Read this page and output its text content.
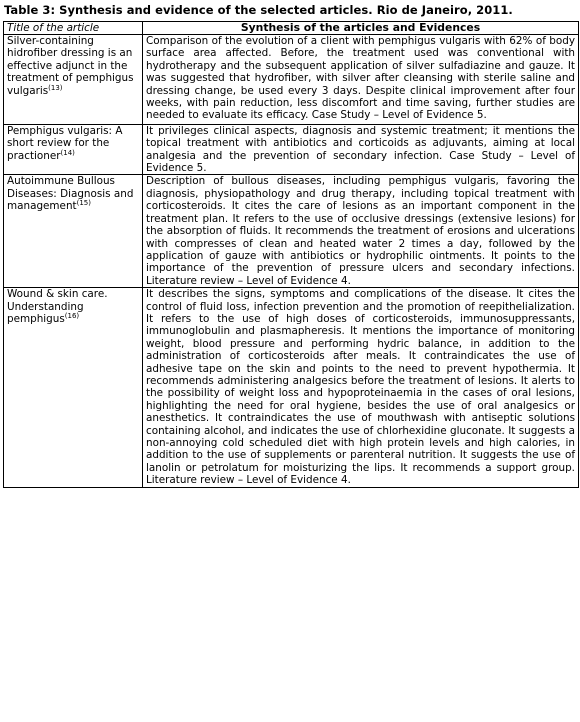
Table 3: Synthesis and evidence of the selected articles. Rio de Janeiro, 2011.
Title of the article	Synthesis of the articles and Evidences
Silver-containing hidrofiber dressing is an effective adjunct in the treatment of pemphigus vulgaris$^{(13)}$	Comparison of the evolution of a client with pemphigus vulgaris with 62% of body surface area affected. Before, the treatment used was conventional with hydrotherapy and the subsequent application of silver sulfadiazine and gauze. It was suggested that hydrofiber, with silver after cleansing with sterile saline and dressing change, be used every 3 days. Despite clinical improvement after four weeks, with pain reduction, less discomfort and time saving, further studies are needed to evaluate its efficacy. Case Study – Level of Evidence 5.
Pemphigus vulgaris: A short review for the practioner$^{(14)}$	It privileges clinical aspects, diagnosis and systemic treatment; it mentions the topical treatment with antibiotics and corticoids as adjuvants, aiming at local analgesia and the prevention of secondary infection. Case Study – Level of Evidence 5.
Autoimmune Bullous Diseases: Diagnosis and management$^{(15)}$	Description of bullous diseases, including pemphigus vulgaris, favoring the diagnosis, physiopathology and drug therapy, including topical treatment with corticosteroids. It cites the care of lesions as an important component in the treatment plan. It refers to the use of occlusive dressings (extensive lesions) for the absorption of fluids. It recommends the treatment of erosions and ulcerations with compresses of clean and heated water 2 times a day, followed by the application of gauze with antibiotics or hydrophilic ointments. It points to the importance of the prevention of pressure ulcers and secondary infections. Literature review – Level of Evidence 4.
Wound & skin care. Understanding pemphigus$^{(16)}$	It describes the signs, symptoms and complications of the disease. It cites the control of fluid loss, infection prevention and the promotion of reepithelialization. It refers to the use of high doses of corticosteroids, immunosuppressants, immunoglobulin and plasmapheresis. It mentions the importance of monitoring weight, blood pressure and performing hydric balance, in addition to the administration of corticosteroids after meals. It contraindicates the use of adhesive tape on the skin and points to the need to prevent hypothermia. It recommends administering analgesics before the treatment of lesions. It alerts to the possibility of weight loss and hypoproteinaemia in the cases of oral lesions, highlighting the need for oral hygiene, besides the use of oral analgesics or anesthetics. It contraindicates the use of mouthwash with antiseptic solutions containing alcohol, and indicates the use of chlorhexidine gluconate. It suggests a non-annoying cold scheduled diet with high protein levels and high calories, in addition to the use of supplements or parenteral nutrition. It suggests the use of lanolin or petrolatum for moisturizing the lips. It recommends a support group. Literature review – Level of Evidence 4.
